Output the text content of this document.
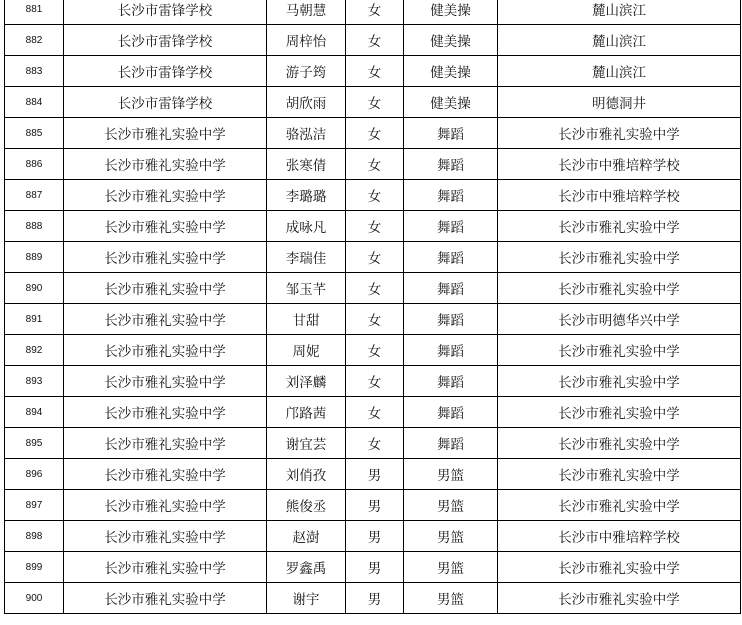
881	长沙市雷锋学校	马朝慧	女	健美操	麓山滨江
882	长沙市雷锋学校	周梓怡	女	健美操	麓山滨江
883	长沙市雷锋学校	游子筠	女	健美操	麓山滨江
884	长沙市雷锋学校	胡欣雨	女	健美操	明德洞井
885	长沙市雅礼实验中学	骆泓洁	女	舞蹈	长沙市雅礼实验中学
886	长沙市雅礼实验中学	张寒倩	女	舞蹈	长沙市中雅培粹学校
887	长沙市雅礼实验中学	李璐璐	女	舞蹈	长沙市中雅培粹学校
888	长沙市雅礼实验中学	成咏凡	女	舞蹈	长沙市雅礼实验中学
889	长沙市雅礼实验中学	李瑞佳	女	舞蹈	长沙市雅礼实验中学
890	长沙市雅礼实验中学	邹玉芊	女	舞蹈	长沙市雅礼实验中学
891	长沙市雅礼实验中学	甘甜	女	舞蹈	长沙市明德华兴中学
892	长沙市雅礼实验中学	周妮	女	舞蹈	长沙市雅礼实验中学
893	长沙市雅礼实验中学	刘泽麟	女	舞蹈	长沙市雅礼实验中学
894	长沙市雅礼实验中学	邝路茜	女	舞蹈	长沙市雅礼实验中学
895	长沙市雅礼实验中学	谢宜芸	女	舞蹈	长沙市雅礼实验中学
896	长沙市雅礼实验中学	刘俏孜	男	男篮	长沙市雅礼实验中学
897	长沙市雅礼实验中学	熊俊丞	男	男篮	长沙市雅礼实验中学
898	长沙市雅礼实验中学	赵澍	男	男篮	长沙市中雅培粹学校
899	长沙市雅礼实验中学	罗鑫禹	男	男篮	长沙市雅礼实验中学
900	长沙市雅礼实验中学	谢宇	男	男篮	长沙市雅礼实验中学
